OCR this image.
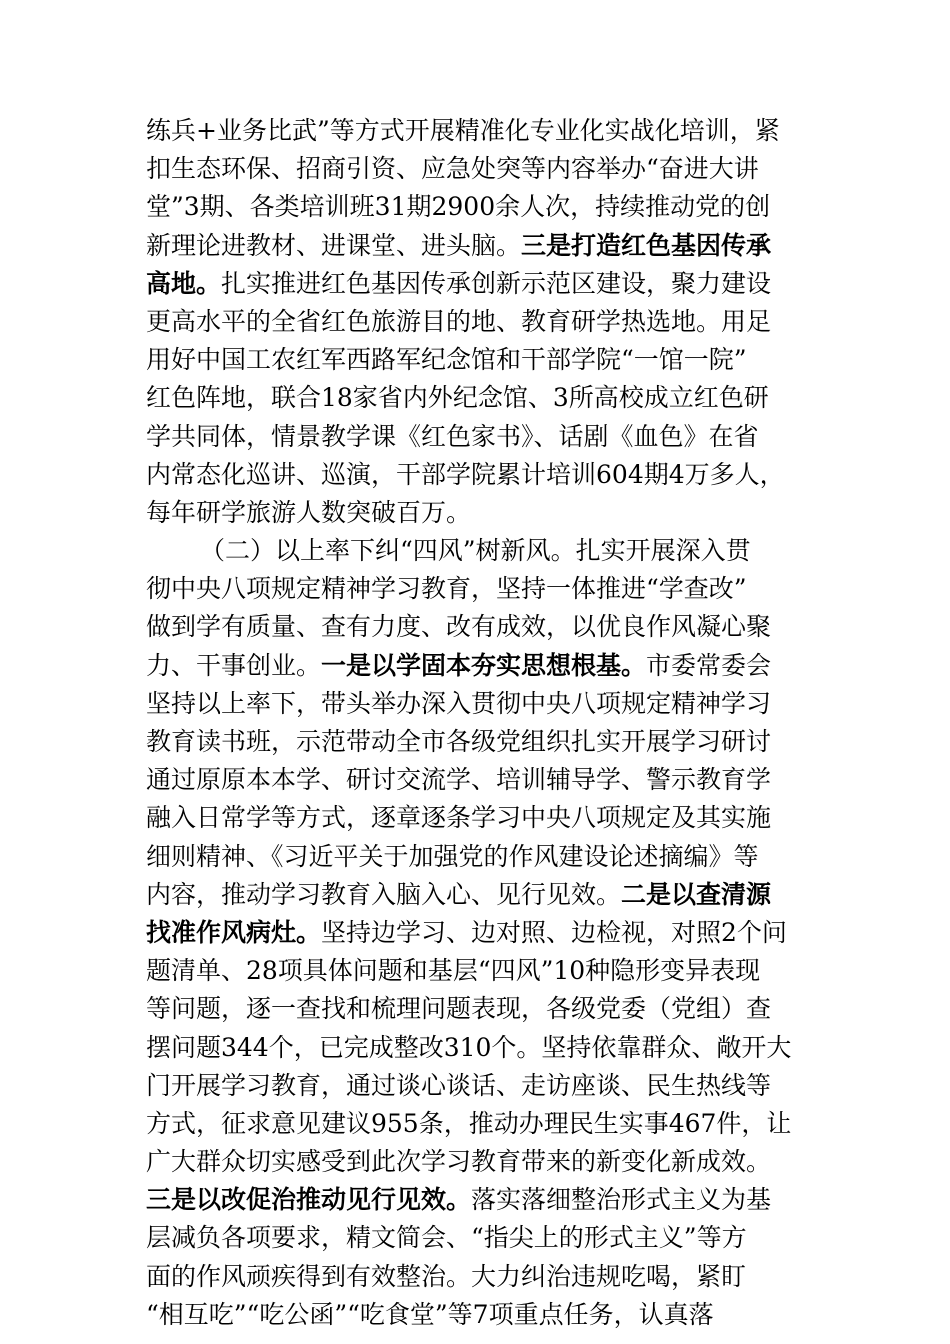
练兵+业务比武”等方式开展精准化专业化实战化培训，紧
扣生态环保、招商引资、应急处突等内容举办“奋进大讲
堂”3期、各类培训班31期2900余人次，持续推动党的创
新理论进教材、进课堂、进头脑。三是打造红色基因传承
高地。扎实推进红色基因传承创新示范区建设，聚力建设
更高水平的全省红色旅游目的地、教育研学热选地。用足
用好中国工农红军西路军纪念馆和干部学院“一馆一院”
红色阵地，联合18家省内外纪念馆、3所高校成立红色研
学共同体，情景教学课《红色家书》、话剧《血色》在省
内常态化巡讲、巡演，干部学院累计培训604期4万多人，
每年研学旅游人数突破百万。
（二）以上率下纠“四风”树新风。扎实开展深入贯
彻中央八项规定精神学习教育，坚持一体推进“学查改”
做到学有质量、查有力度、改有成效，以优良作风凝心聚
力、干事创业。一是以学固本夯实思想根基。市委常委会
坚持以上率下，带头举办深入贯彻中央八项规定精神学习
教育读书班，示范带动全市各级党组织扎实开展学习研讨
通过原原本本学、研讨交流学、培训辅导学、警示教育学
融入日常学等方式，逐章逐条学习中央八项规定及其实施
细则精神、《习近平关于加强党的作风建设论述摘编》等
内容，推动学习教育入脑入心、见行见效。二是以查清源
找准作风病灶。坚持边学习、边对照、边检视，对照2个问
题清单、28项具体问题和基层“四风”10种隐形变异表现
等问题，逐一查找和梳理问题表现，各级党委（党组）查
摆问题344个，已完成整改310个。坚持依靠群众、敞开大
门开展学习教育，通过谈心谈话、走访座谈、民生热线等
方式，征求意见建议955条，推动办理民生实事467件，让
广大群众切实感受到此次学习教育带来的新变化新成效。
三是以改促治推动见行见效。落实落细整治形式主义为基
层减负各项要求，精文简会、“指尖上的形式主义”等方
面的作风顽疾得到有效整治。大力纠治违规吃喝，紧盯
“相互吃”“吃公函”“吃食堂”等7项重点任务，认真落
